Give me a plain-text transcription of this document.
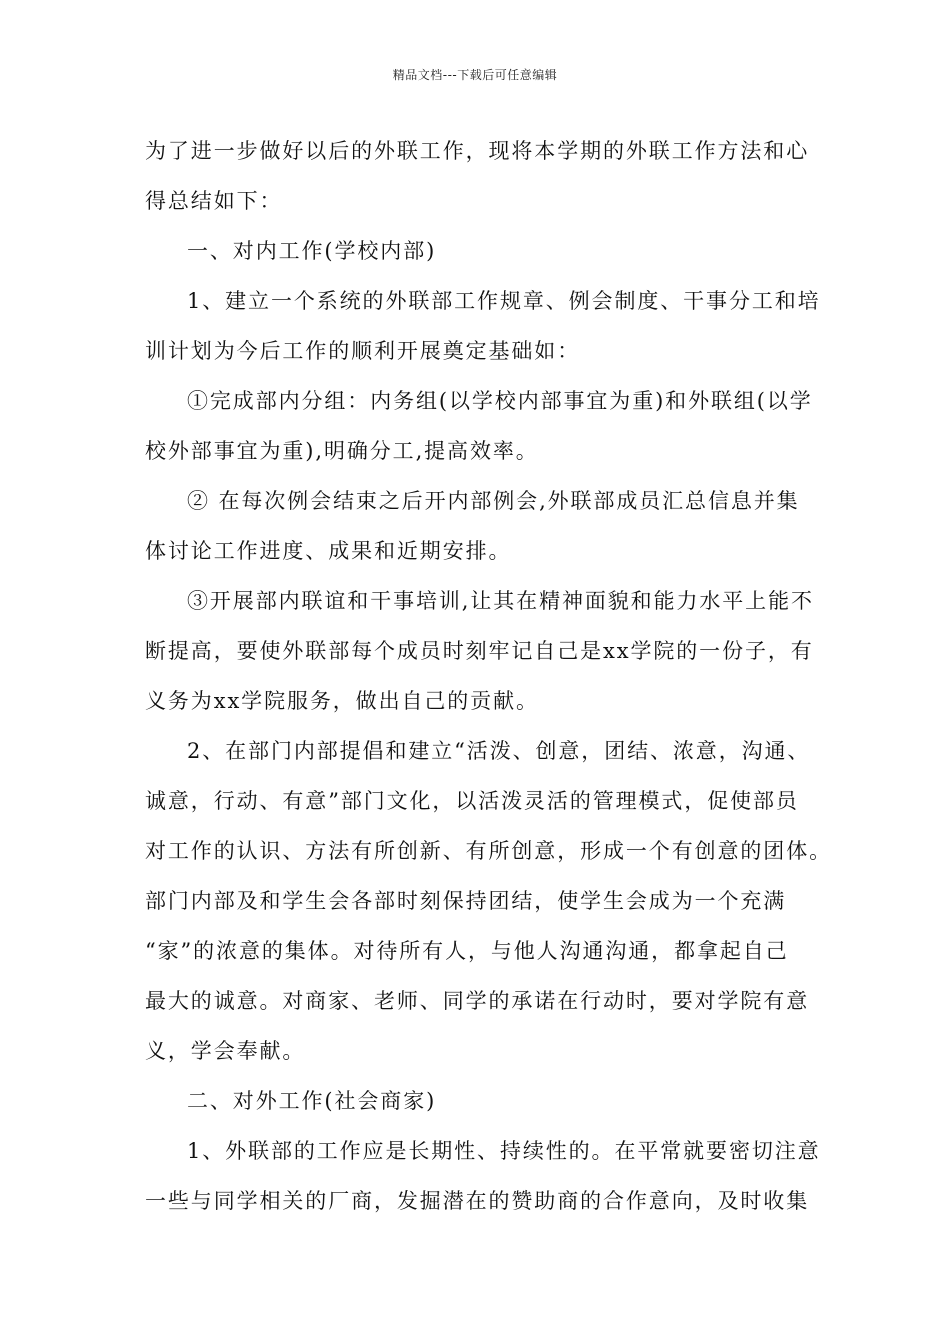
精品文档---下载后可任意编辑
为了进一步做好以后的外联工作，现将本学期的外联工作方法和心
得总结如下：
一、对内工作(学校内部)
1、建立一个系统的外联部工作规章、例会制度、干事分工和培
训计划为今后工作的顺利开展奠定基础如：
①完成部内分组：内务组(以学校内部事宜为重)和外联组(以学
校外部事宜为重),明确分工,提高效率。
② 在每次例会结束之后开内部例会,外联部成员汇总信息并集
体讨论工作进度、成果和近期安排。
③开展部内联谊和干事培训,让其在精神面貌和能力水平上能不
断提高，要使外联部每个成员时刻牢记自己是xx学院的一份子，有
义务为xx学院服务，做出自己的贡献。
2、在部门内部提倡和建立“活泼、创意，团结、浓意，沟通、
诚意，行动、有意”部门文化，以活泼灵活的管理模式，促使部员
对工作的认识、方法有所创新、有所创意，形成一个有创意的团体。
部门内部及和学生会各部时刻保持团结，使学生会成为一个充满
“家”的浓意的集体。对待所有人，与他人沟通沟通，都拿起自己
最大的诚意。对商家、老师、同学的承诺在行动时，要对学院有意
义，学会奉献。
二、对外工作(社会商家)
1、外联部的工作应是长期性、持续性的。在平常就要密切注意
一些与同学相关的厂商，发掘潜在的赞助商的合作意向，及时收集
